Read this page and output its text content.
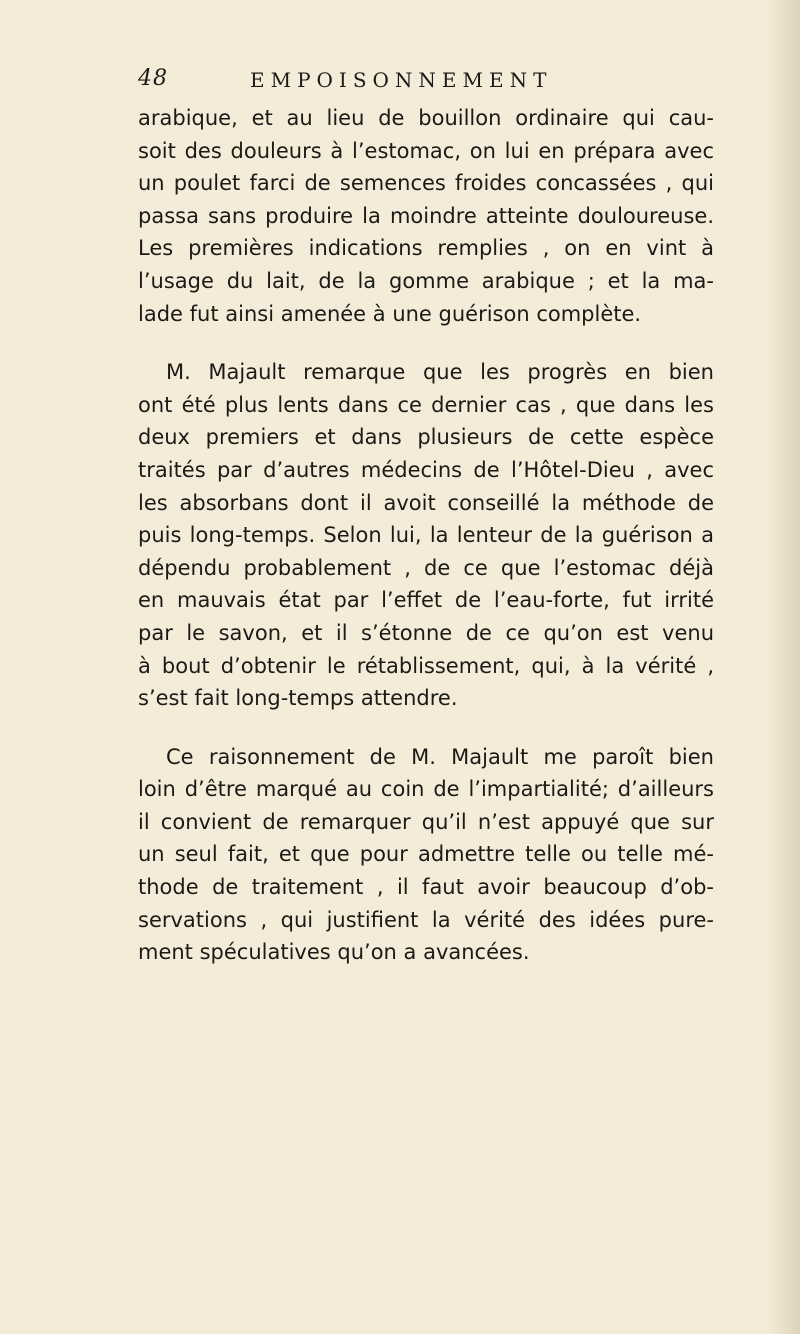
48	EMPOISONNEMENT
arabique, et au lieu de bouillon ordinaire qui cau-
soit des douleurs à l’estomac, on lui en prépara avec
un poulet farci de semences froides concassées , qui
passa sans produire la moindre atteinte douloureuse.
Les premières indications remplies , on en vint à
l’usage du lait, de la gomme arabique ; et la ma-
lade fut ainsi amenée à une guérison complète.
M. Majault remarque que les progrès en bien
ont été plus lents dans ce dernier cas , que dans les
deux premiers et dans plusieurs de cette espèce
traités par d’autres médecins de l’Hôtel-Dieu , avec
les absorbans dont il avoit conseillé la méthode de
puis long-temps. Selon lui, la lenteur de la guérison a
dépendu probablement , de ce que l’estomac déjà
en mauvais état par l’effet de l’eau-forte, fut irrité
par le savon, et il s’étonne de ce qu’on est venu
à bout d’obtenir le rétablissement, qui, à la vérité ,
s’est fait long-temps attendre.
Ce raisonnement de M. Majault me paroît bien
loin d’être marqué au coin de l’impartialité; d’ailleurs
il convient de remarquer qu’il n’est appuyé que sur
un seul fait, et que pour admettre telle ou telle mé-
thode de traitement , il faut avoir beaucoup d’ob-
servations , qui justifient la vérité des idées pure-
ment spéculatives qu’on a avancées.
